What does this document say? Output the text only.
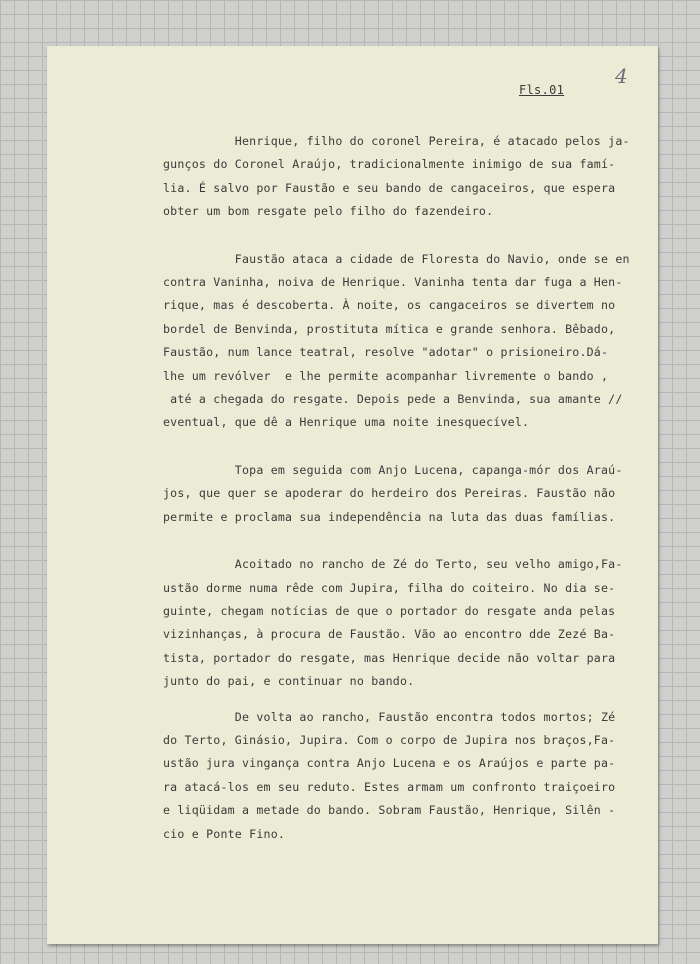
Fls.01
4

Henrique, filho do coronel Pereira, é atacado pelos ja-
gunços do Coronel Araújo, tradicionalmente inimigo de sua famí-
lia. É salvo por Faustão e seu bando de cangaceiros, que espera
obter um bom resgate pelo filho do fazendeiro.

Faustão ataca a cidade de Floresta do Navio, onde se en
contra Vaninha, noiva de Henrique. Vaninha tenta dar fuga a Hen-
rique, mas é descoberta. À noite, os cangaceiros se divertem no
bordel de Benvinda, prostituta mítica e grande senhora. Bêbado,
Faustão, num lance teatral, resolve "adotar" o prisioneiro.Dá-
lhe um revólver  e lhe permite acompanhar livremente o bando ,
até a chegada do resgate. Depois pede a Benvinda, sua amante //
eventual, que dê a Henrique uma noite inesquecível.

Topa em seguida com Anjo Lucena, capanga-mór dos Araú-
jos, que quer se apoderar do herdeiro dos Pereiras. Faustão não
permite e proclama sua independência na luta das duas famílias.

Acoitado no rancho de Zé do Terto, seu velho amigo,Fa-
ustão dorme numa rêde com Jupira, filha do coiteiro. No dia se-
guinte, chegam notícias de que o portador do resgate anda pelas
vizinhanças, à procura de Faustão. Vão ao encontro dde Zezé Ba-
tista, portador do resgate, mas Henrique decide não voltar para
junto do pai, e continuar no bando.

De volta ao rancho, Faustão encontra todos mortos; Zé
do Terto, Ginásio, Jupira. Com o corpo de Jupira nos braços,Fa-
ustão jura vingança contra Anjo Lucena e os Araújos e parte pa-
ra atacá-los em seu reduto. Estes armam um confronto traiçoeiro
e liqüidam a metade do bando. Sobram Faustão, Henrique, Silên -
cio e Ponte Fino.
